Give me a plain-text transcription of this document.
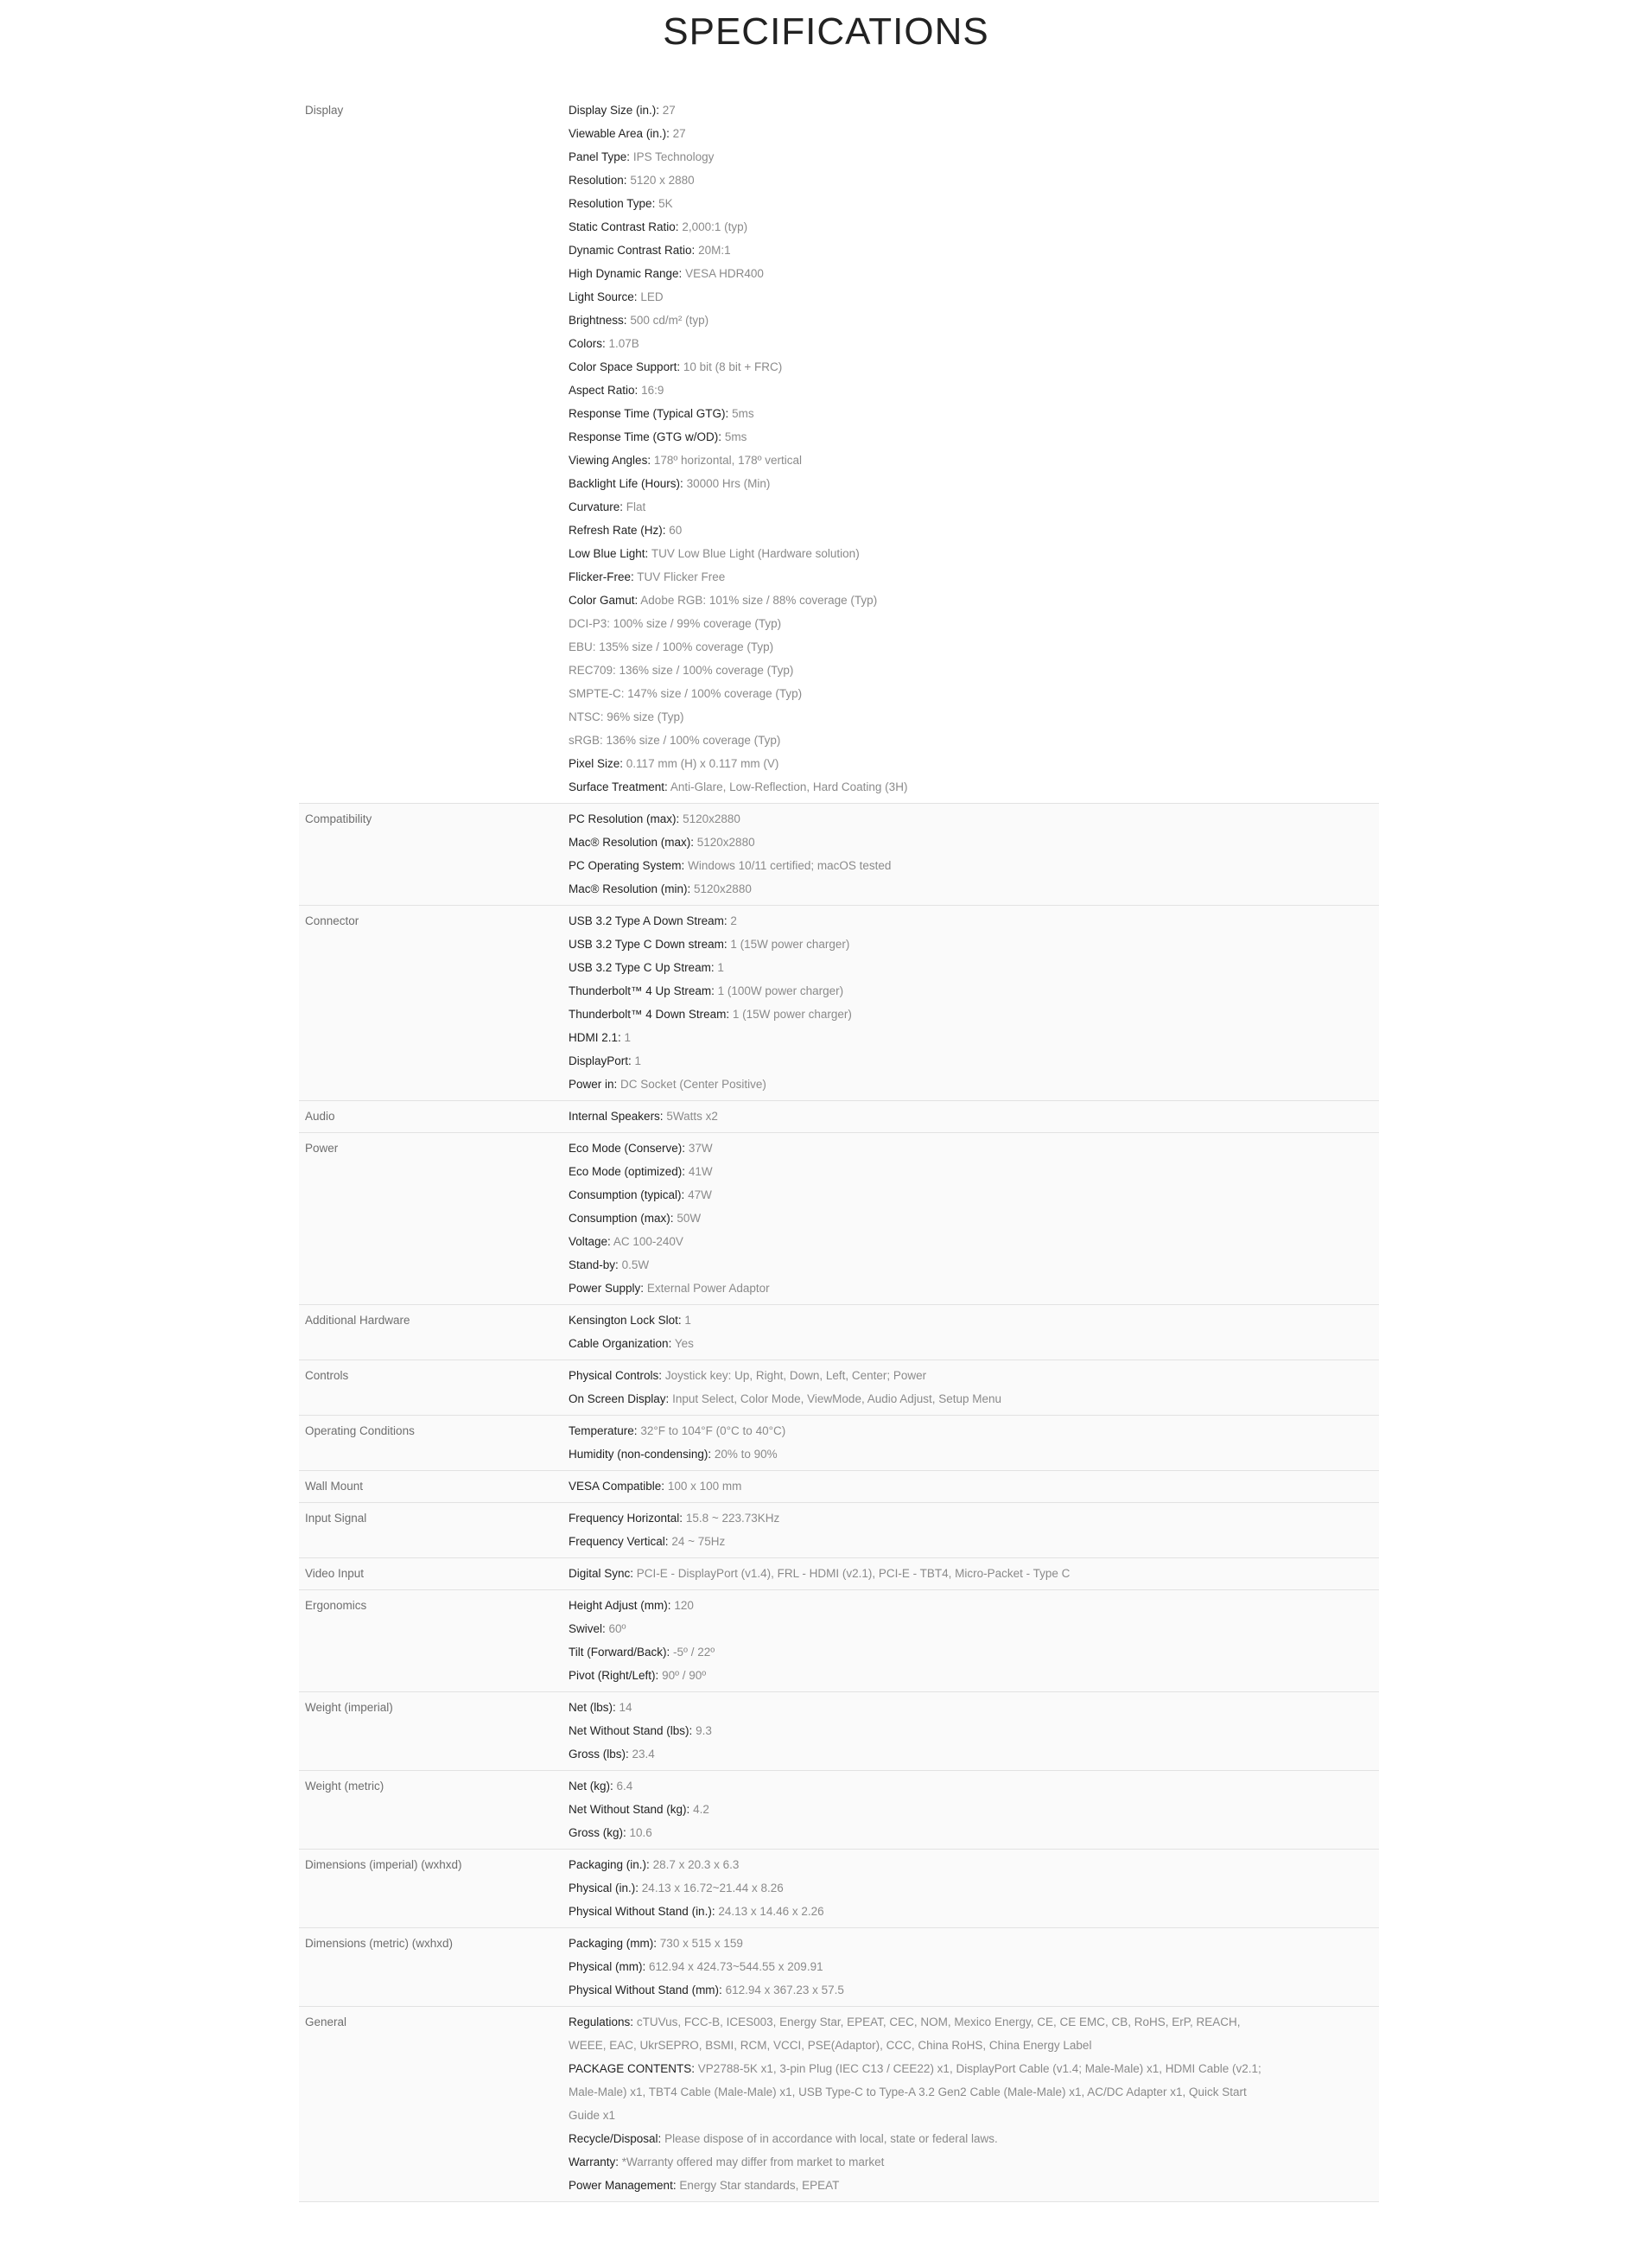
SPECIFICATIONS
Display	Display Size (in.): 27
Viewable Area (in.): 27
Panel Type: IPS Technology
Resolution: 5120 x 2880
Resolution Type: 5K
Static Contrast Ratio: 2,000:1 (typ)
Dynamic Contrast Ratio: 20M:1
High Dynamic Range: VESA HDR400
Light Source: LED
Brightness: 500 cd/m² (typ)
Colors: 1.07B
Color Space Support: 10 bit (8 bit + FRC)
Aspect Ratio: 16:9
Response Time (Typical GTG): 5ms
Response Time (GTG w/OD): 5ms
Viewing Angles: 178º horizontal, 178º vertical
Backlight Life (Hours): 30000 Hrs (Min)
Curvature: Flat
Refresh Rate (Hz): 60
Low Blue Light: TUV Low Blue Light (Hardware solution)
Flicker-Free: TUV Flicker Free
Color Gamut: Adobe RGB: 101% size / 88% coverage (Typ)
DCI-P3: 100% size / 99% coverage (Typ)
EBU: 135% size / 100% coverage (Typ)
REC709: 136% size / 100% coverage (Typ)
SMPTE-C: 147% size / 100% coverage (Typ)
NTSC: 96% size (Typ)
sRGB: 136% size / 100% coverage (Typ)
Pixel Size: 0.117 mm (H) x 0.117 mm (V)
Surface Treatment: Anti-Glare, Low-Reflection, Hard Coating (3H)
Compatibility	PC Resolution (max): 5120x2880
Mac® Resolution (max): 5120x2880
PC Operating System: Windows 10/11 certified; macOS tested
Mac® Resolution (min): 5120x2880
Connector	USB 3.2 Type A Down Stream: 2
USB 3.2 Type C Down stream: 1 (15W power charger)
USB 3.2 Type C Up Stream: 1
Thunderbolt™ 4 Up Stream: 1 (100W power charger)
Thunderbolt™ 4 Down Stream: 1 (15W power charger)
HDMI 2.1: 1
DisplayPort: 1
Power in: DC Socket (Center Positive)
Audio	Internal Speakers: 5Watts x2
Power	Eco Mode (Conserve): 37W
Eco Mode (optimized): 41W
Consumption (typical): 47W
Consumption (max): 50W
Voltage: AC 100-240V
Stand-by: 0.5W
Power Supply: External Power Adaptor
Additional Hardware	Kensington Lock Slot: 1
Cable Organization: Yes
Controls	Physical Controls: Joystick key: Up, Right, Down, Left, Center; Power
On Screen Display: Input Select, Color Mode, ViewMode, Audio Adjust, Setup Menu
Operating Conditions	Temperature: 32°F to 104°F (0°C to 40°C)
Humidity (non-condensing): 20% to 90%
Wall Mount	VESA Compatible: 100 x 100 mm
Input Signal	Frequency Horizontal: 15.8 ~ 223.73KHz
Frequency Vertical: 24 ~ 75Hz
Video Input	Digital Sync: PCI-E - DisplayPort (v1.4), FRL - HDMI (v2.1), PCI-E - TBT4, Micro-Packet - Type C
Ergonomics	Height Adjust (mm): 120
Swivel: 60º
Tilt (Forward/Back): -5º / 22º
Pivot (Right/Left): 90º / 90º
Weight (imperial)	Net (lbs): 14
Net Without Stand (lbs): 9.3
Gross (lbs): 23.4
Weight (metric)	Net (kg): 6.4
Net Without Stand (kg): 4.2
Gross (kg): 10.6
Dimensions (imperial) (wxhxd)	Packaging (in.): 28.7 x 20.3 x 6.3
Physical (in.): 24.13 x 16.72~21.44 x 8.26
Physical Without Stand (in.): 24.13 x 14.46 x 2.26
Dimensions (metric) (wxhxd)	Packaging (mm): 730 x 515 x 159
Physical (mm): 612.94 x 424.73~544.55 x 209.91
Physical Without Stand (mm): 612.94 x 367.23 x 57.5
General	Regulations: cTUVus, FCC-B, ICES003, Energy Star, EPEAT, CEC, NOM, Mexico Energy, CE, CE EMC, CB, RoHS, ErP, REACH, WEEE, EAC, UkrSEPRO, BSMI, RCM, VCCI, PSE(Adaptor), CCC, China RoHS, China Energy Label
PACKAGE CONTENTS: VP2788-5K x1, 3-pin Plug (IEC C13 / CEE22) x1, DisplayPort Cable (v1.4; Male-Male) x1, HDMI Cable (v2.1; Male-Male) x1, TBT4 Cable (Male-Male) x1, USB Type-C to Type-A 3.2 Gen2 Cable (Male-Male) x1, AC/DC Adapter x1, Quick Start Guide x1
Recycle/Disposal: Please dispose of in accordance with local, state or federal laws.
Warranty: *Warranty offered may differ from market to market
Power Management: Energy Star standards, EPEAT
